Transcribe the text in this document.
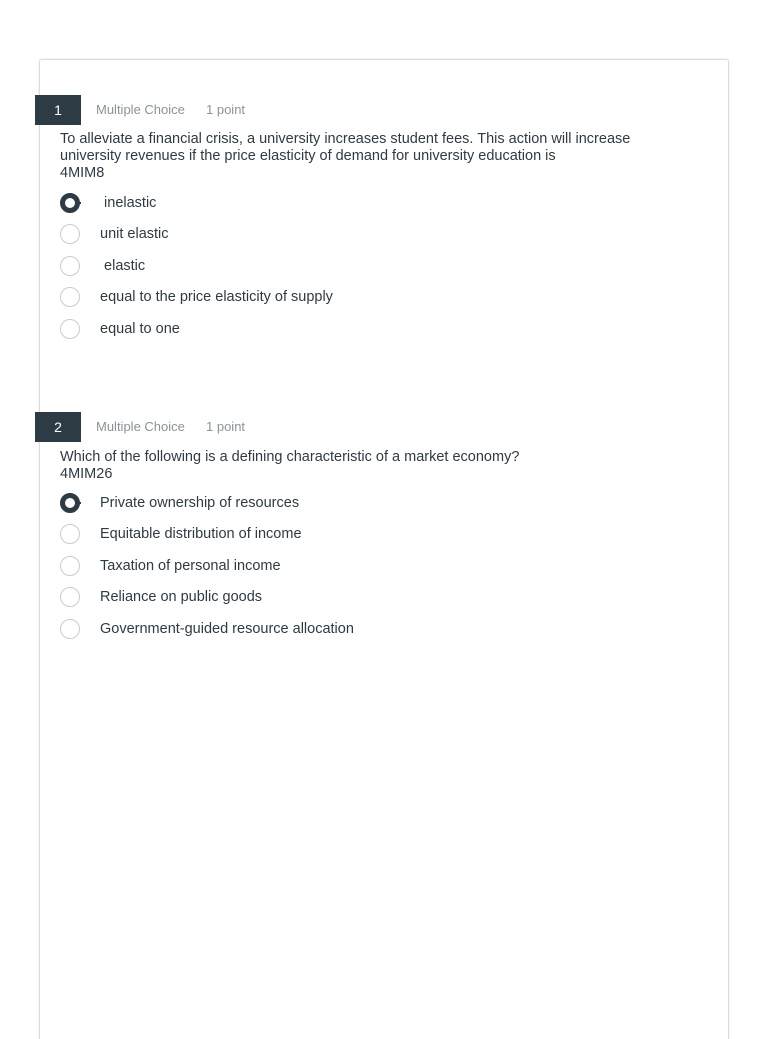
1	Multiple Choice 1 point

To alleviate a financial crisis, a university increases student fees. This action will increase

university revenues if the price elasticity of demand for university education is

4MIM8

inelastic
unit elastic
elastic
equal to the price elasticity of supply
equal to one
2	Multiple Choice 1 point

Which of the following is a defining characteristic of a market economy?

4MIM26

Private ownership of resources
Equitable distribution of income
Taxation of personal income
Reliance on public goods
Government-guided resource allocation
